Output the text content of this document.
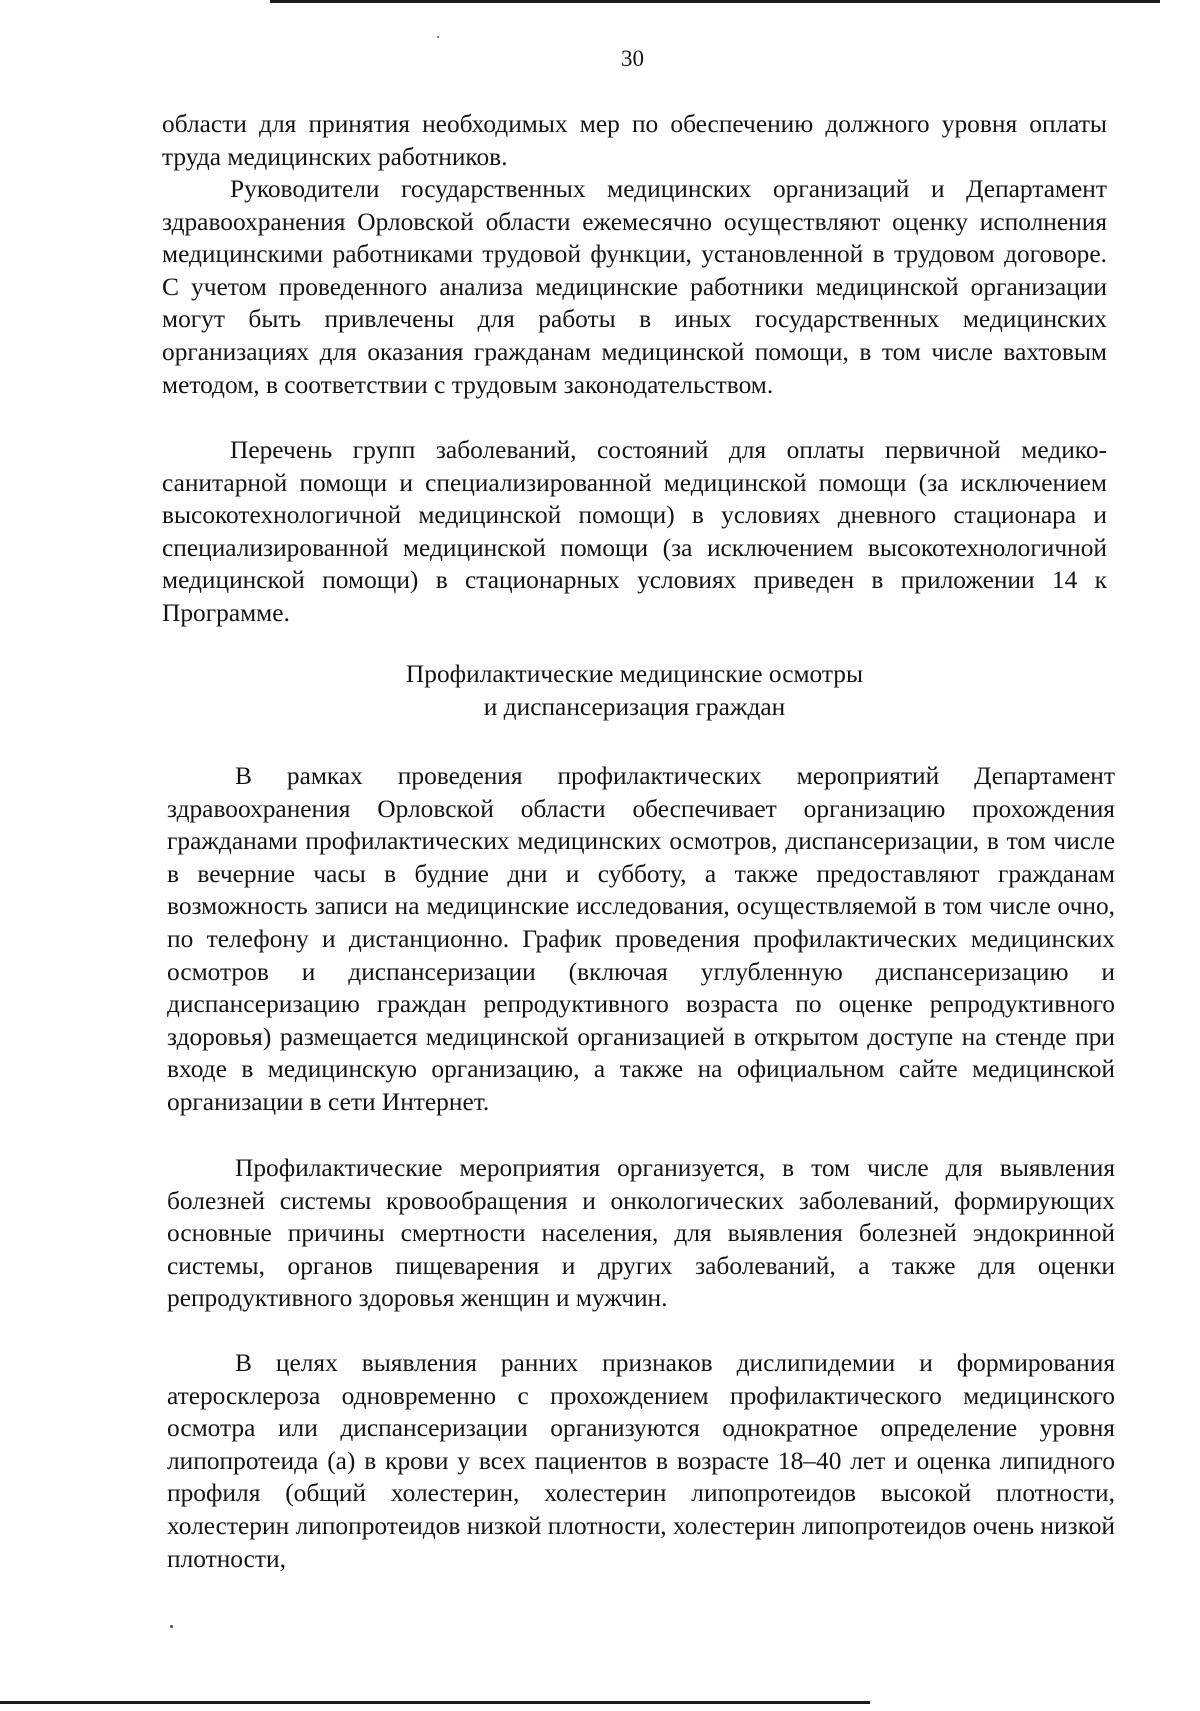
30

области для принятия необходимых мер по обеспечению должного уровня оплаты труда медицинских работников.

Руководители государственных медицинских организаций и Департамент здравоохранения Орловской области ежемесячно осуществляют оценку исполнения медицинскими работниками трудовой функции, установленной в трудовом договоре. С учетом проведенного анализа медицинские работники медицинской организации могут быть привлечены для работы в иных государственных медицинских организациях для оказания гражданам медицинской помощи, в том числе вахтовым методом, в соответствии с трудовым законодательством.

Перечень групп заболеваний, состояний для оплаты первичной медико-санитарной помощи и специализированной медицинской помощи (за исключением высокотехнологичной медицинской помощи) в условиях дневного стационара и специализированной медицинской помощи (за исключением высокотехнологичной медицинской помощи) в стационарных условиях приведен в приложении 14 к Программе.

Профилактические медицинские осмотры
и диспансеризация граждан

В рамках проведения профилактических мероприятий Департамент здравоохранения Орловской области обеспечивает организацию прохождения гражданами профилактических медицинских осмотров, диспансеризации, в том числе в вечерние часы в будние дни и субботу, а также предоставляют гражданам возможность записи на медицинские исследования, осуществляемой в том числе очно, по телефону и дистанционно. График проведения профилактических медицинских осмотров и диспансеризации (включая углубленную диспансеризацию и диспансеризацию граждан репродуктивного возраста по оценке репродуктивного здоровья) размещается медицинской организацией в открытом доступе на стенде при входе в медицинскую организацию, а также на официальном сайте медицинской организации в сети Интернет.

Профилактические мероприятия организуется, в том числе для выявления болезней системы кровообращения и онкологических заболеваний, формирующих основные причины смертности населения, для выявления болезней эндокринной системы, органов пищеварения и других заболеваний, а также для оценки репродуктивного здоровья женщин и мужчин.

В целях выявления ранних признаков дислипидемии и формирования атеросклероза одновременно с прохождением профилактического медицинского осмотра или диспансеризации организуются однократное определение уровня липопротеида (а) в крови у всех пациентов в возрасте 18–40 лет и оценка липидного профиля (общий холестерин, холестерин липопротеидов высокой плотности, холестерин липопротеидов низкой плотности, холестерин липопротеидов очень низкой плотности,
